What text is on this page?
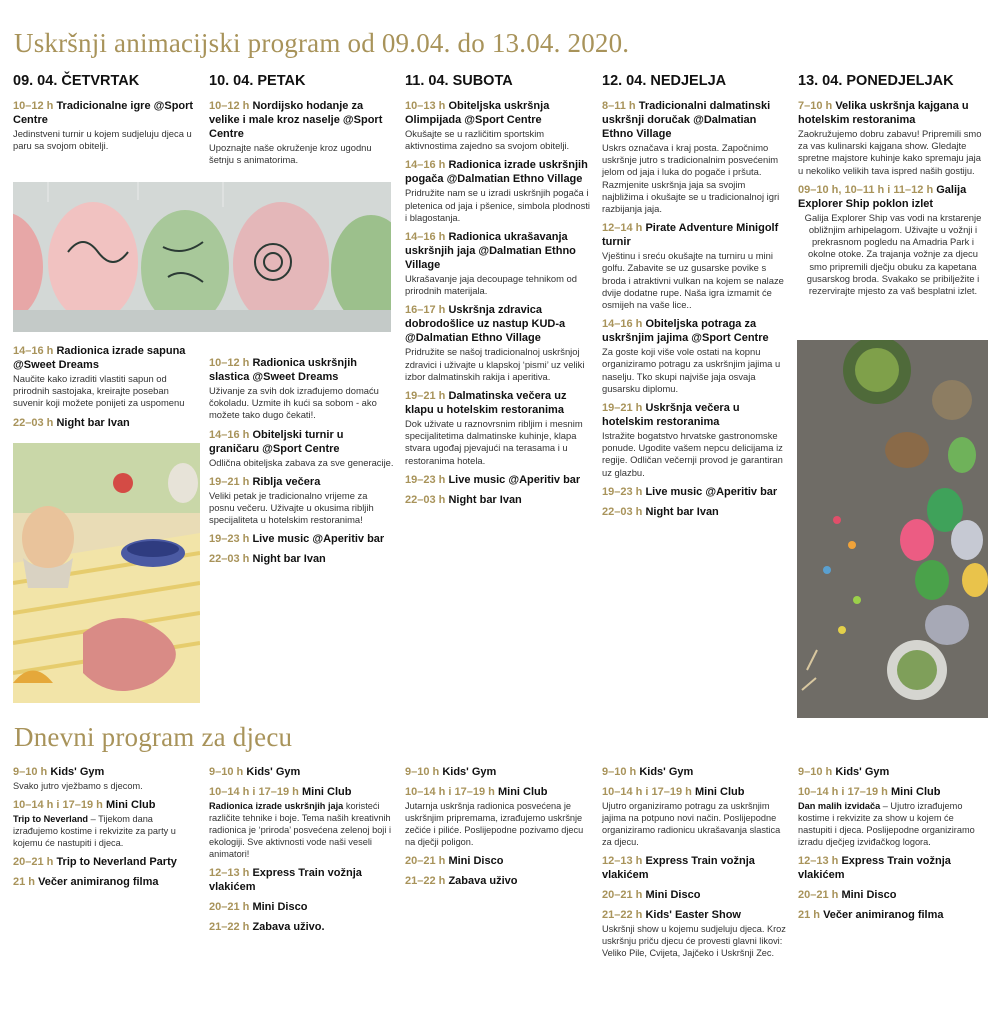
Uskršnji animacijski program od 09.04. do 13.04. 2020.
09. 04. ČETVRTAK
10–12 h Tradicionalne igre @Sport Centre
Jedinstveni turnir u kojem sudjeluju djeca u paru sa svojom obitelji.
14–16 h Radionica izrade sapuna @Sweet Dreams
Naučite kako izraditi vlastiti sapun od prirodnih sastojaka, kreirajte poseban suvenir koji možete ponijeti za uspomenu
22–03 h Night bar Ivan
10. 04. PETAK
10–12 h Nordijsko hodanje za velike i male kroz naselje @Sport Centre
Upoznajte naše okruženje kroz ugodnu šetnju s animatorima.
10–12 h Radionica uskršnjih slastica @Sweet Dreams
Uživanje za svih dok izrađujemo domaću čokoladu. Uzmite ih kući sa sobom - ako možete tako dugo čekati!.
14–16 h Obiteljski turnir u graničaru @Sport Centre
Odlična obiteljska zabava za sve generacije.
19–21 h Riblja večera
Veliki petak je tradicionalno vrijeme za posnu večeru. Uživajte u okusima ribljih specijaliteta u hotelskim restoranima!
19–23 h Live music @Aperitiv bar
22–03 h Night bar Ivan
11. 04. SUBOTA
10–13 h Obiteljska uskršnja Olimpijada @Sport Centre
Okušajte se u različitim sportskim aktivnostima zajedno sa svojom obitelji.
14–16 h Radionica izrade uskršnjih pogača @Dalmatian Ethno Village
Pridružite nam se u izradi uskršnjih pogača i pletenica od jaja i pšenice, simbola plodnosti i blagostanja.
14–16 h Radionica ukrašavanja uskršnjih jaja @Dalmatian Ethno Village
Ukrašavanje jaja decoupage tehnikom od prirodnih materijala.
16–17 h Uskršnja zdravica dobrodošlice uz nastup KUD-a @Dalmatian Ethno Village
Pridružite se našoj tradicionalnoj uskršnjoj zdravici i uživajte u klapskoj ‘pismi’ uz veliki izbor dalmatinskih rakija i aperitiva.
19–21 h Dalmatinska večera uz klapu u hotelskim restoranima
Dok uživate u raznovrsnim ribljim i mesnim specijalitetima dalmatinske kuhinje, klapa stvara ugođaj pjevajući na terasama i u restoranima hotela.
19–23 h Live music @Aperitiv bar
22–03 h Night bar Ivan
12. 04. NEDJELJA
8–11 h Tradicionalni dalmatinski uskršnji doručak @Dalmatian Ethno Village
Uskrs označava i kraj posta. Započnimo uskršnje jutro s tradicionalnim posvećenim jelom od jaja i luka do pogače i pršuta. Razmjenite uskršnja jaja sa svojim najbližima i okušajte se u tradicionalnoj igri razbijanja jaja.
12–14 h Pirate Adventure Minigolf turnir
Vještinu i sreću okušajte na turniru u mini golfu. Zabavite se uz gusarske povike s broda i atraktivni vulkan na kojem se nalaze dvije dodatne rupe. Naša igra izmamit će osmijeh na vaše lice..
14–16 h Obiteljska potraga za uskršnjim jajima @Sport Centre
Za goste koji više vole ostati na kopnu organiziramo potragu za uskršnjim jajima u naselju. Tko skupi najviše jaja osvaja gusarsku diplomu.
19–21 h Uskršnja večera u hotelskim restoranima
Istražite bogatstvo hrvatske gastronomske ponude. Ugodite vašem nepcu delicijama iz regije. Odličan večernji provod je garantiran uz glazbu.
19–23 h Live music @Aperitiv bar
22–03 h Night bar Ivan
13. 04. PONEDJELJAK
7–10 h Velika uskršnja kajgana u hotelskim restoranima
Zaokružujemo dobru zabavu! Pripremili smo za vas kulinarski kajgana show. Gledajte spretne majstore kuhinje kako spremaju jaja u nekoliko velikih tava ispred naših gostiju.
09–10 h, 10–11 h i 11–12 h Galija Explorer Ship poklon izlet
Galija Explorer Ship vas vodi na krstarenje obližnjim arhipelagom. Uživajte u vožnji i prekrasnom pogledu na Amadria Park i okolne otoke. Za trajanja vožnje za djecu smo pripremili dječju obuku za kapetana gusarskog broda. Svakako se pribilježite i rezervirajte mjesto za vaš besplatni izlet.
Dnevni program za djecu
9–10 h Kids' Gym
Svako jutro vježbamo s djecom.
10–14 h i 17–19 h Mini Club
Trip to Neverland – Tijekom dana izrađujemo kostime i rekvizite za party u kojemu će nastupiti i djeca.
20–21 h Trip to Neverland Party
21 h Večer animiranog filma
9–10 h Kids' Gym
10–14 h i 17–19 h Mini Club
Radionica izrade uskršnjih jaja koristeći različite tehnike i boje. Tema naših kreativnih radionica je ‘priroda’ posvećena zelenoj boji i ekologiji. Sve aktivnosti vode naši veseli animatori!
12–13 h Express Train vožnja vlakićem
20–21 h Mini Disco
21–22 h Zabava uživo.
9–10 h Kids' Gym
10–14 h i 17–19 h Mini Club
Jutarnja uskršnja radionica posvećena je uskršnjim pripremama, izrađujemo uskršnje zečiće i piliće. Poslijepodne pozivamo djecu na dječji poligon.
20–21 h Mini Disco
21–22 h Zabava uživo
9–10 h Kids' Gym
10–14 h i 17–19 h Mini Club
Ujutro organiziramo potragu za uskršnjim jajima na potpuno novi način. Poslijepodne organiziramo radionicu ukrašavanja slastica za djecu.
12–13 h Express Train vožnja vlakićem
20–21 h Mini Disco
21–22 h Kids' Easter Show
Uskršnji show u kojemu sudjeluju djeca. Kroz uskršnju priču djecu će provesti glavni likovi: Veliko Pile, Cvijeta, Jajčeko i Uskršnji Zec.
9–10 h Kids' Gym
10–14 h i 17–19 h Mini Club
Dan malih izvidača – Ujutro izrađujemo kostime i rekvizite za show u kojem će nastupiti i djeca. Poslijepodne organiziramo izradu dječjeg izviđačkog logora.
12–13 h Express Train vožnja vlakićem
20–21 h Mini Disco
21 h Večer animiranog filma
